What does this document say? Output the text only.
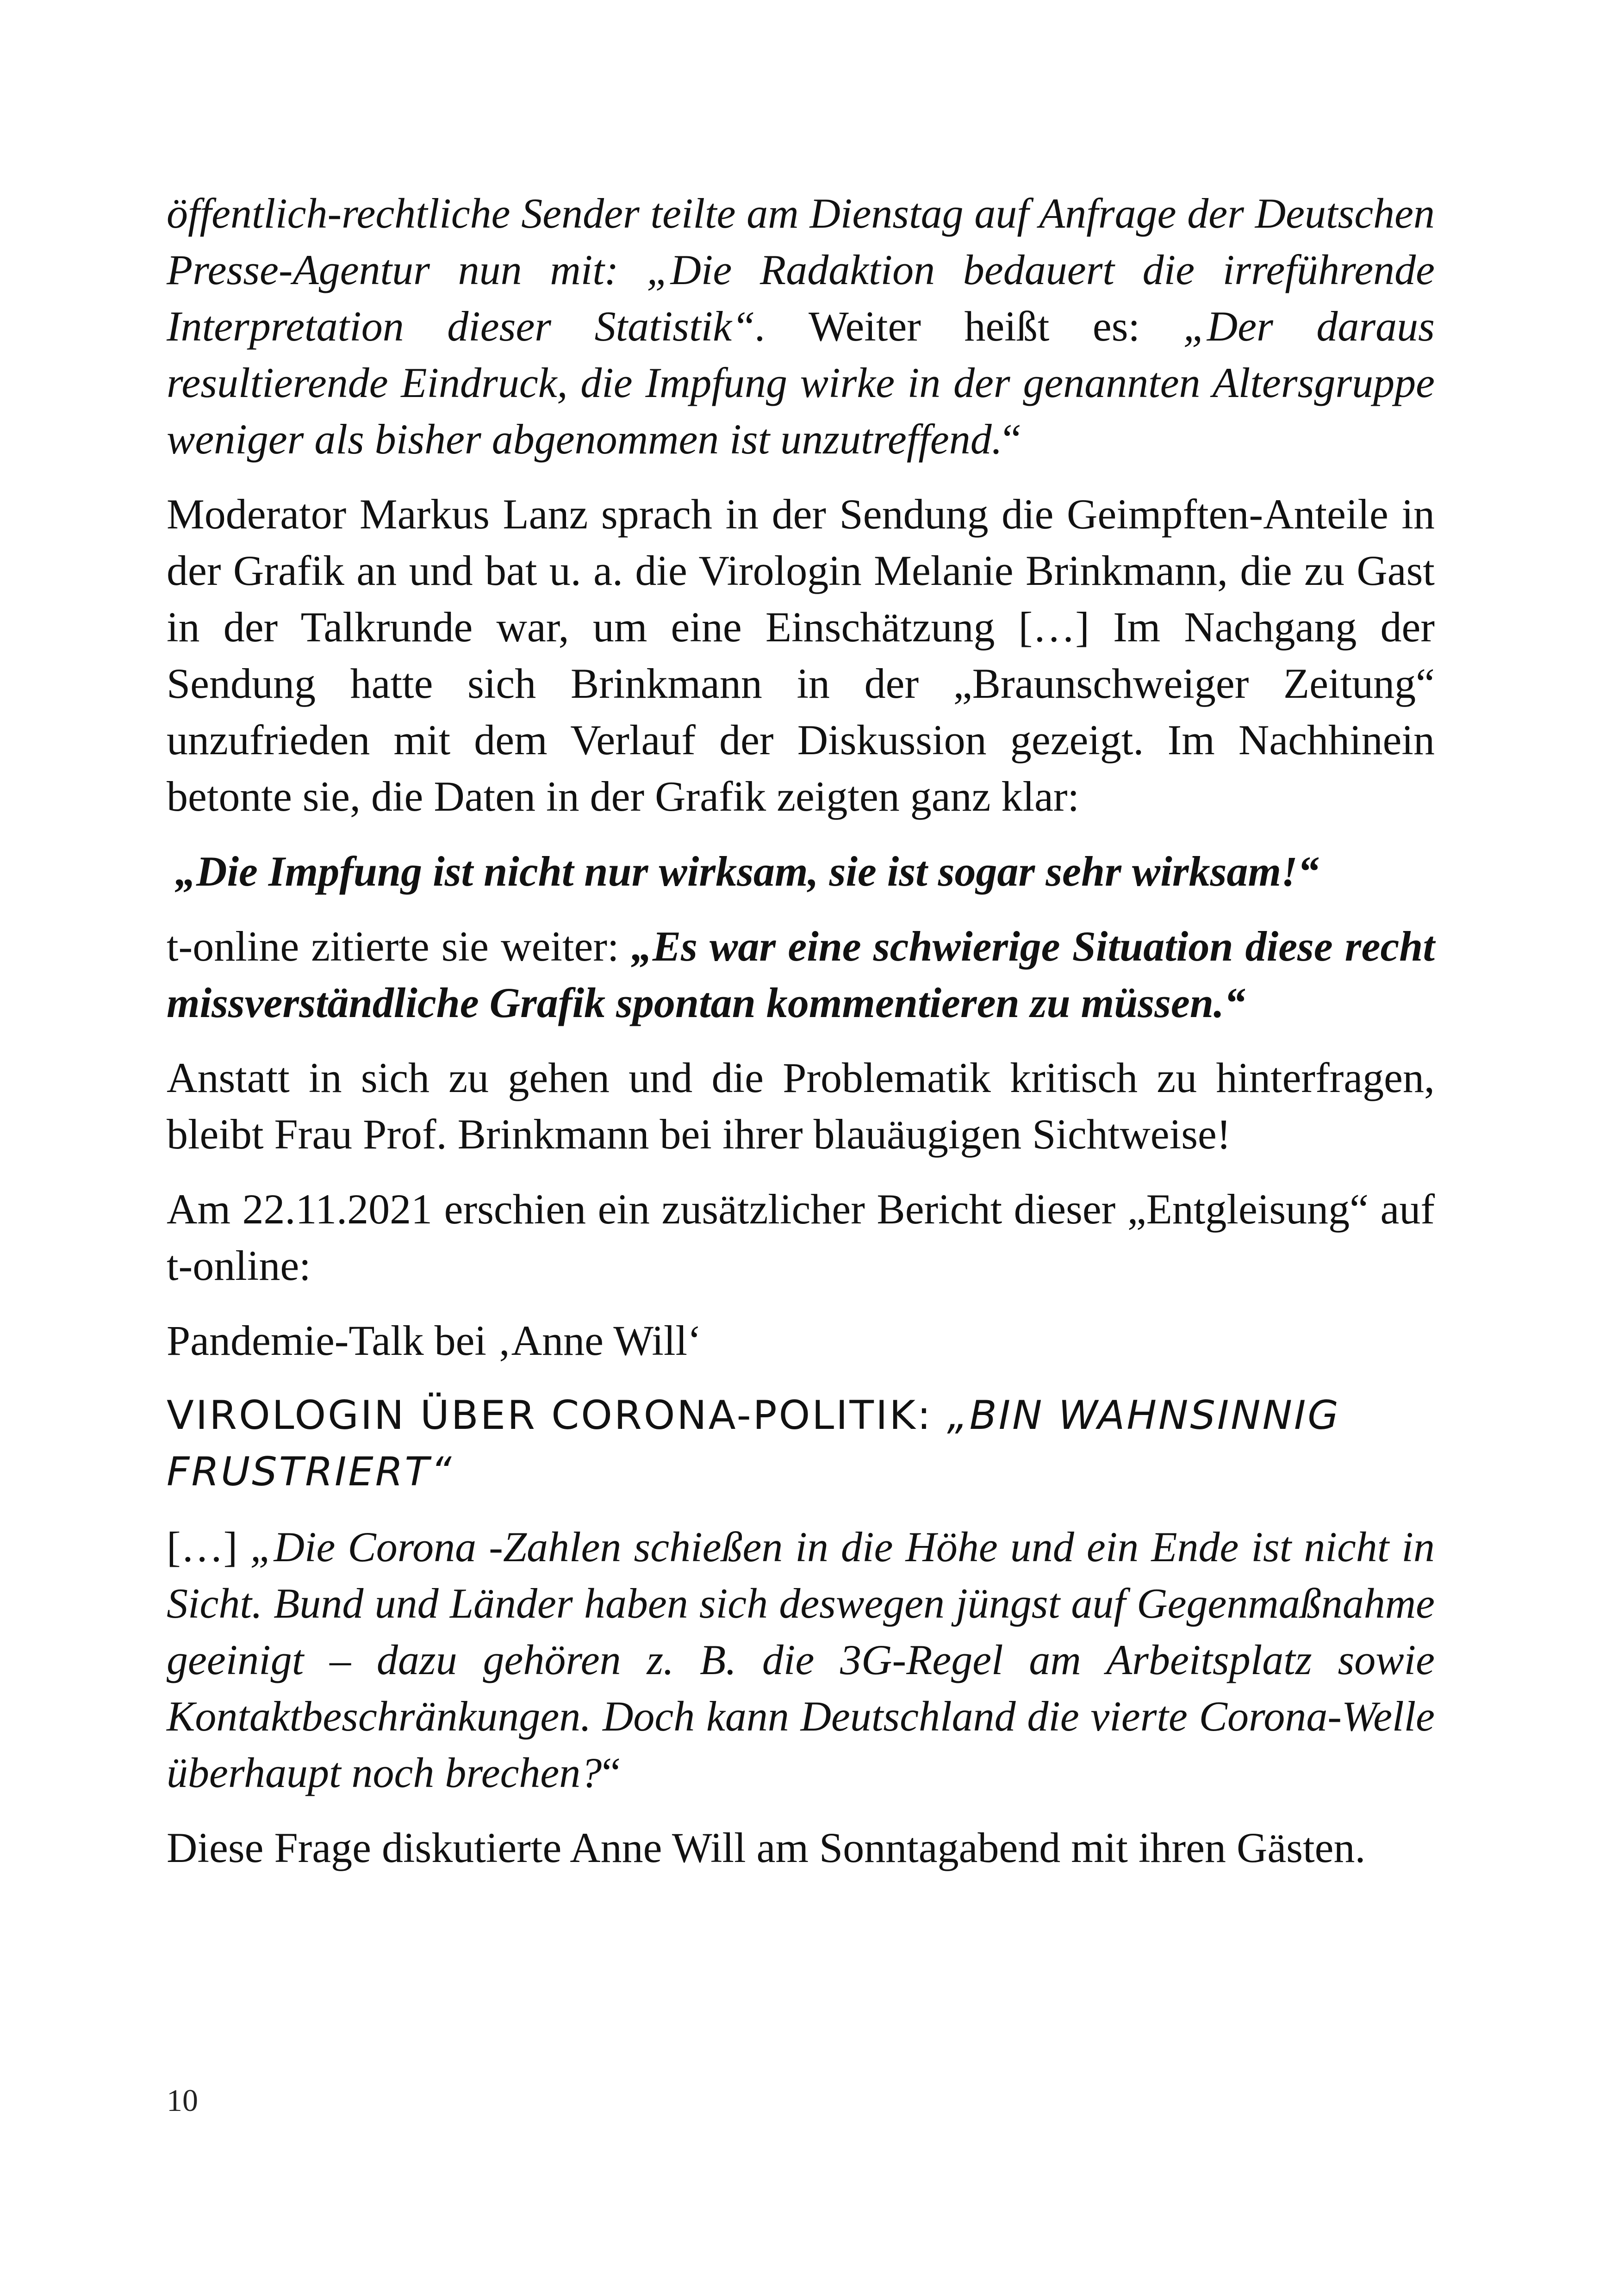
öffentlich-rechtliche Sender teilte am Dienstag auf Anfrage der Deutschen Presse-Agentur nun mit: „Die Radaktion bedauert die irreführende Interpretation dieser Statistik“. Weiter heißt es: „Der daraus resultierende Eindruck, die Impfung wirke in der genannten Altersgruppe weniger als bisher abgenommen ist unzutreffend.“

Moderator Markus Lanz sprach in der Sendung die Geimpften-Anteile in der Grafik an und bat u. a. die Virologin Melanie Brinkmann, die zu Gast in der Talkrunde war, um eine Einschätzung […] Im Nachgang der Sendung hatte sich Brinkmann in der „Braunschweiger Zeitung“ unzufrieden mit dem Verlauf der Diskussion gezeigt. Im Nachhinein betonte sie, die Daten in der Grafik zeigten ganz klar:

„Die Impfung ist nicht nur wirksam, sie ist sogar sehr wirksam!“

t-online zitierte sie weiter: „Es war eine schwierige Situation diese recht missverständliche Grafik spontan kommentieren zu müssen.“

Anstatt in sich zu gehen und die Problematik kritisch zu hinterfragen, bleibt Frau Prof. Brinkmann bei ihrer blauäugigen Sichtweise!

Am 22.11.2021 erschien ein zusätzlicher Bericht dieser „Entgleisung“ auf t-online:

Pandemie-Talk bei ‚Anne Will‘

VIROLOGIN ÜBER CORONA-POLITIK: „BIN WAHNSINNIG FRUSTRIERT“

[…] „Die Corona -Zahlen schießen in die Höhe und ein Ende ist nicht in Sicht. Bund und Länder haben sich deswegen jüngst auf Gegenmaßnahme geeinigt – dazu gehören z. B. die 3G-Regel am Arbeitsplatz sowie Kontaktbeschränkungen. Doch kann Deutschland die vierte Corona-Welle überhaupt noch brechen?“

Diese Frage diskutierte Anne Will am Sonntagabend mit ihren Gästen.

10
